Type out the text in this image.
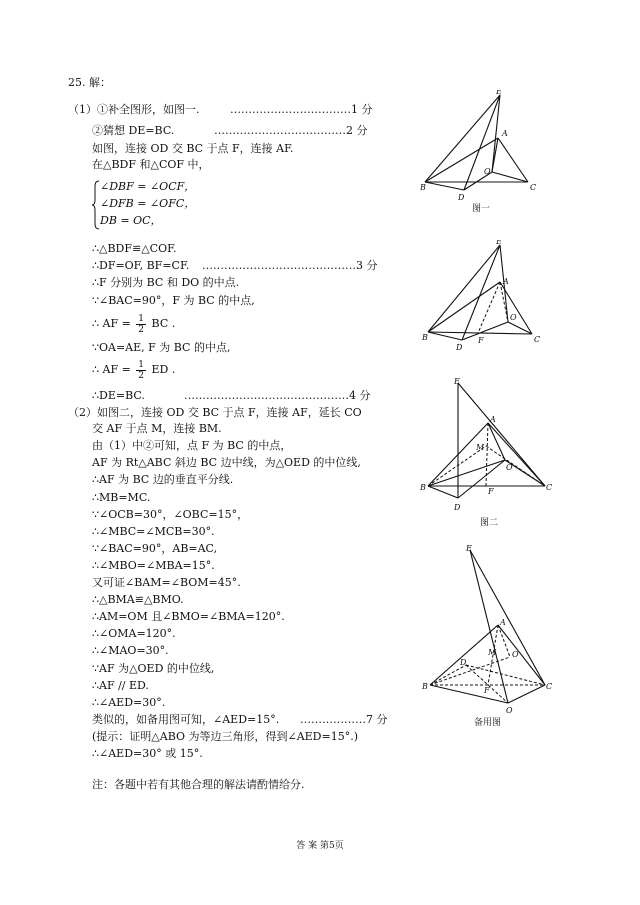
25. 解：
（1）①补全图形，如图一.	……………………………1 分
②猜想 DE=BC.	………………………………2 分
如图，连接 OD 交 BC 于点 F，连接 AF.
在△BDF 和△COF 中，
∠DBF = ∠OCF，
∠DFB = ∠OFC，
DB = OC，
∴△BDF≌△COF.
∴DF=OF, BF=CF. ……………………………………3 分
∴F 分别为 BC 和 DO 的中点.
∵∠BAC=90°，F 为 BC 的中点,
∴ AF = $\frac{1}{2}$ BC .
∵OA=AE, F 为 BC 的中点,
∴ AF = $\frac{1}{2}$ ED .
∴DE=BC.	………………………………………4 分
（2）如图二，连接 OD 交 BC 于点 F，连接 AF，延长 CO
交 AF 于点 M，连接 BM.
由（1）中②可知，点 F 为 BC 的中点，
AF 为 Rt△ABC 斜边 BC 边中线，为△OED 的中位线,
∴AF 为 BC 边的垂直平分线.
∴MB=MC.
∵∠OCB=30°，∠OBC=15°，
∴∠MBC=∠MCB=30°.
∵∠BAC=90°，AB=AC,
∴∠MBO=∠MBA=15°.
又可证∠BAM=∠BOM=45°.
∴△BMA≌△BMO.
∴AM=OM 且∠BMO=∠BMA=120°.
∴∠OMA=120°.
∴∠MAO=30°.
∵AF 为△OED 的中位线,
∴AF // ED.
∴∠AED=30°.
类似的，如备用图可知，∠AED=15°. ………………7 分
(提示：证明△ABO 为等边三角形，得到∠AED=15°.)
∴∠AED=30° 或 15°.
注：各题中若有其他合理的解法请酌情给分.
E
A
O
B	C
D
图一
E
A
O
B	C
D
F
E
A
M
O
B	C
F
D
图二
E
A
M O
D
B	C
F
O
备用图
答 案 第5页
